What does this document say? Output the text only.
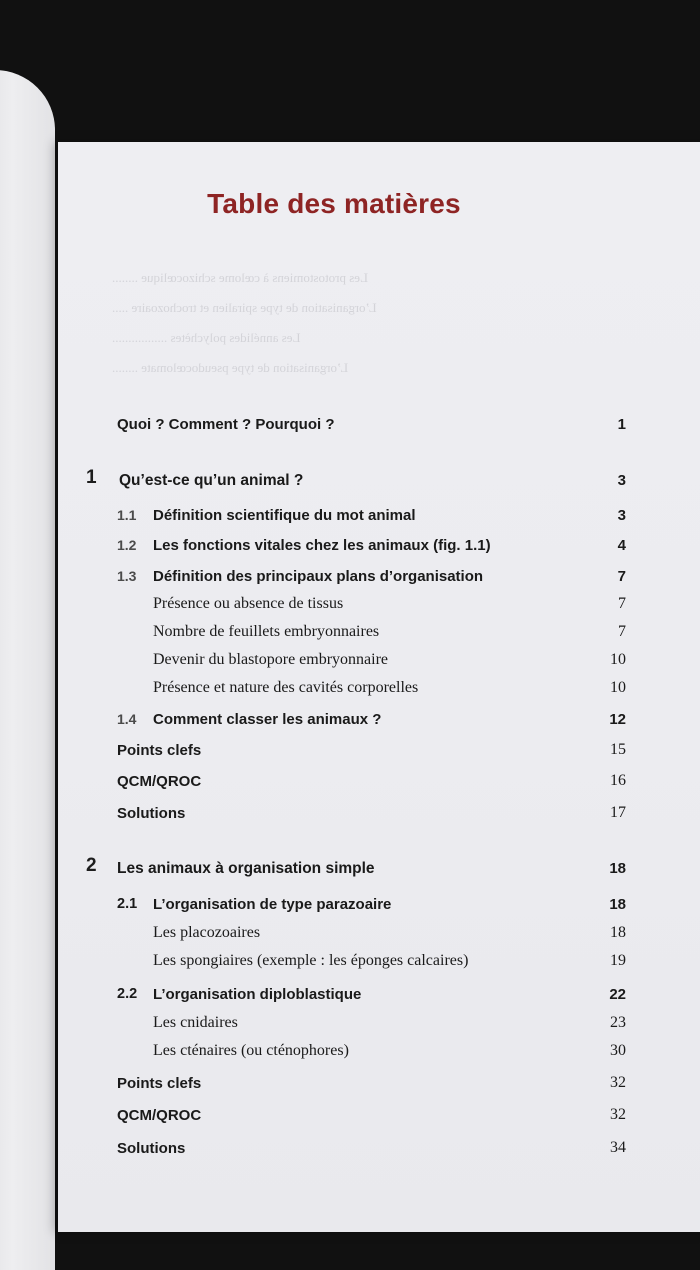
Les protostomiens à cœlome schizocœlique ........
L’organisation de type spiralien et trochozoaire .....
Les annélides polychètes .................
L’organisation de type pseudocœlomate ........
Table des matières
Quoi ? Comment ? Pourquoi ?	1
1 Qu’est-ce qu’un animal ?	3
1.1 Définition scientifique du mot animal	3
1.2 Les fonctions vitales chez les animaux (fig. 1.1)	4
1.3 Définition des principaux plans d’organisation	7
Présence ou absence de tissus	7
Nombre de feuillets embryonnaires	7
Devenir du blastopore embryonnaire	10
Présence et nature des cavités corporelles	10
1.4 Comment classer les animaux ?	12
Points clefs	15
QCM/QROC	16
Solutions	17
2 Les animaux à organisation simple	18
2.1 L’organisation de type parazoaire	18
Les placozoaires	18
Les spongiaires (exemple : les éponges calcaires)	19
2.2 L’organisation diploblastique	22
Les cnidaires	23
Les cténaires (ou cténophores)	30
Points clefs	32
QCM/QROC	32
Solutions	34
